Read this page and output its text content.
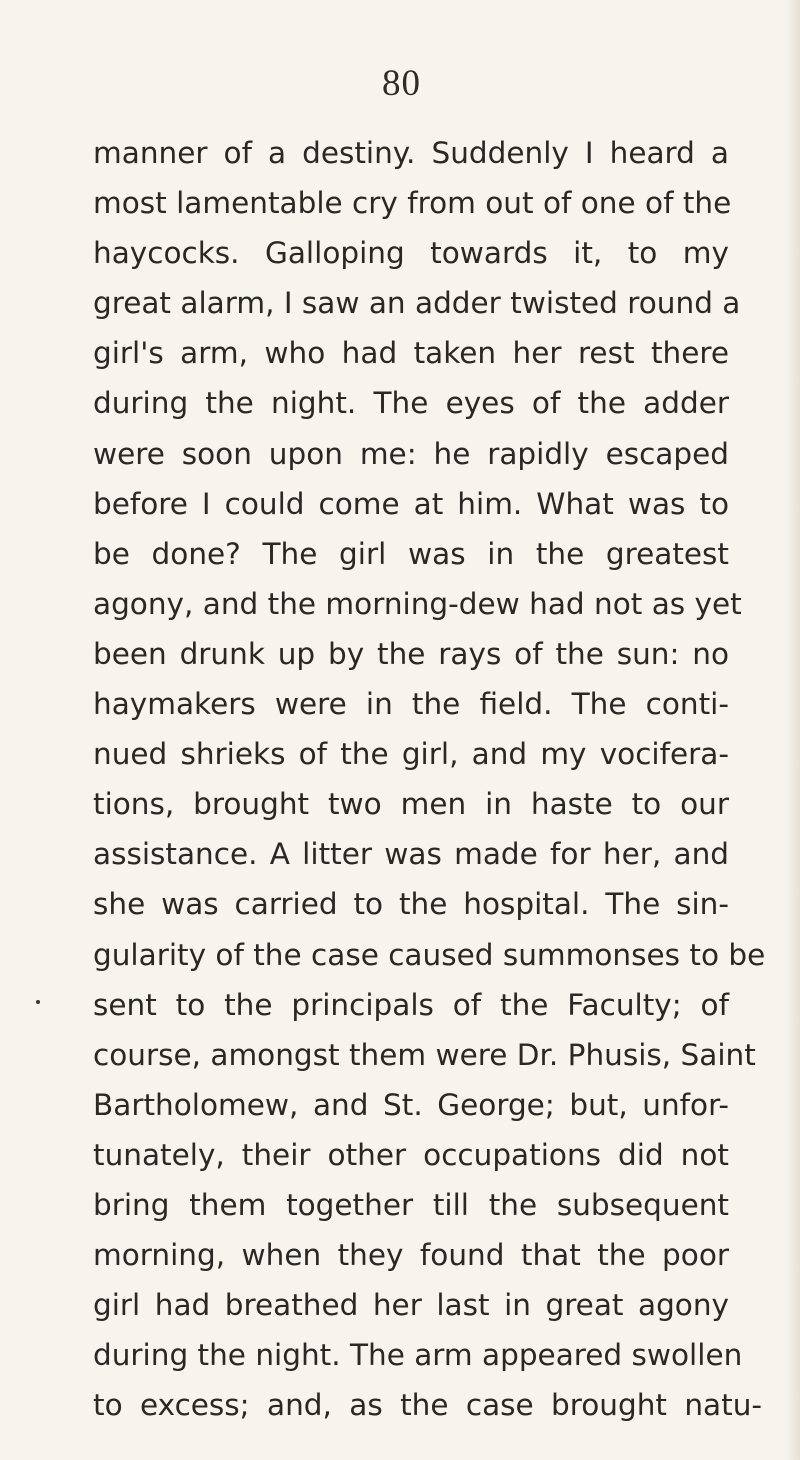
80
manner of a destiny. Suddenly I heard a
most lamentable cry from out of one of the
haycocks. Galloping towards it, to my
great alarm, I saw an adder twisted round a
girl's arm, who had taken her rest there
during the night. The eyes of the adder
were soon upon me: he rapidly escaped
before I could come at him. What was to
be done? The girl was in the greatest
agony, and the morning-dew had not as yet
been drunk up by the rays of the sun: no
haymakers were in the field. The conti-
nued shrieks of the girl, and my vocifera-
tions, brought two men in haste to our
assistance. A litter was made for her, and
she was carried to the hospital. The sin-
gularity of the case caused summonses to be
sent to the principals of the Faculty; of
course, amongst them were Dr. Phusis, Saint
Bartholomew, and St. George; but, unfor-
tunately, their other occupations did not
bring them together till the subsequent
morning, when they found that the poor
girl had breathed her last in great agony
during the night. The arm appeared swollen
to excess; and, as the case brought natu-
